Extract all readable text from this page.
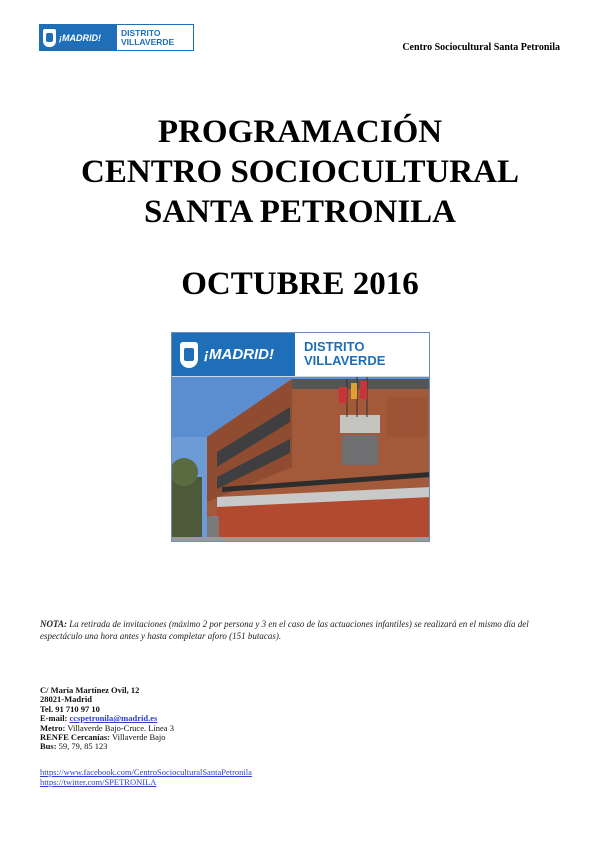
¡MADRID! DISTRITO
VILLAVERDE	Centro Sociocultural Santa Petronila
PROGRAMACIÓN
CENTRO SOCIOCULTURAL
SANTA PETRONILA
OCTUBRE 2016
¡MADRID! DISTRITO
VILLAVERDE
NOTA: La retirada de invitaciones (máximo 2 por persona y 3 en el caso de las actuaciones infantiles) se realizará en el mismo día del espectáculo una hora antes y hasta completar aforo (151 butacas).
C/ María Martínez Ovil, 12
28021-Madrid
Tel. 91 710 97 10
E-mail: ccspetronila@madrid.es
Metro: Villaverde Bajo-Cruce. Línea 3
RENFE Cercanías: Villaverde Bajo
Bus: 59, 79, 85 123
https://www.facebook.com/CentroSocioculturalSantaPetronila
https://twitter.com/SPETRONILA
